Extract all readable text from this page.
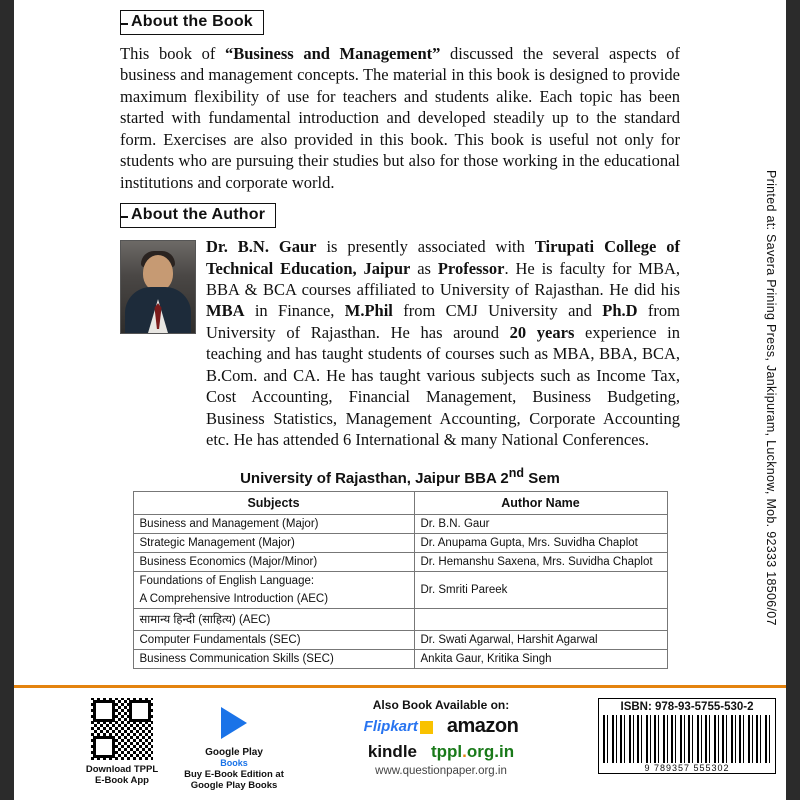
Printed at: Savera Prining Press, Jankipuram, Lucknow, Mob. 92333 18506/07
About the Book

This book of “Business and Management” discussed the several aspects of business and management concepts. The material in this book is designed to provide maximum flexibility of use for teachers and students alike. Each topic has been started with fundamental introduction and developed steadily up to the standard form. Exercises are also provided in this book. This book is useful not only for students who are pursuing their studies but also for those working in the educational institutions and corporate world.

About the Author
Dr. B.N. Gaur is presently associated with Tirupati College of Technical Education, Jaipur as Professor. He is faculty for MBA, BBA & BCA courses affiliated to University of Rajasthan. He did his MBA in Finance, M.Phil from CMJ University and Ph.D from University of Rajasthan. He has around 20 years experience in teaching and has taught students of courses such as MBA, BBA, BCA, B.Com. and CA. He has taught various subjects such as Income Tax, Cost Accounting, Financial Management, Business Budgeting, Business Statistics, Management Accounting, Corporate Accounting etc. He has attended 6 International & many National Conferences.
University of Rajasthan, Jaipur BBA 2nd Sem
Subjects	Author Name
Business and Management (Major)	Dr. B.N. Gaur
Strategic Management (Major)	Dr. Anupama Gupta, Mrs. Suvidha Chaplot
Business Economics (Major/Minor)	Dr. Hemanshu Saxena, Mrs. Suvidha Chaplot
Foundations of English Language:	Dr. Smriti Pareek
A Comprehensive Introduction (AEC)	
सामान्य हिन्दी (साहित्य) (AEC)	
Computer Fundamentals (SEC)	Dr. Swati Agarwal, Harshit Agarwal
Business Communication Skills (SEC)	Ankita Gaur, Kritika Singh
Download TPPL
E-Book App
Google Play
Books
Buy E-Book Edition at
Google Play Books
Also Book Available on:
Flipkart	amazon
kindle tppl.org.in
www.questionpaper.org.in
ISBN: 978-93-5755-530-2
9 789357 555302
